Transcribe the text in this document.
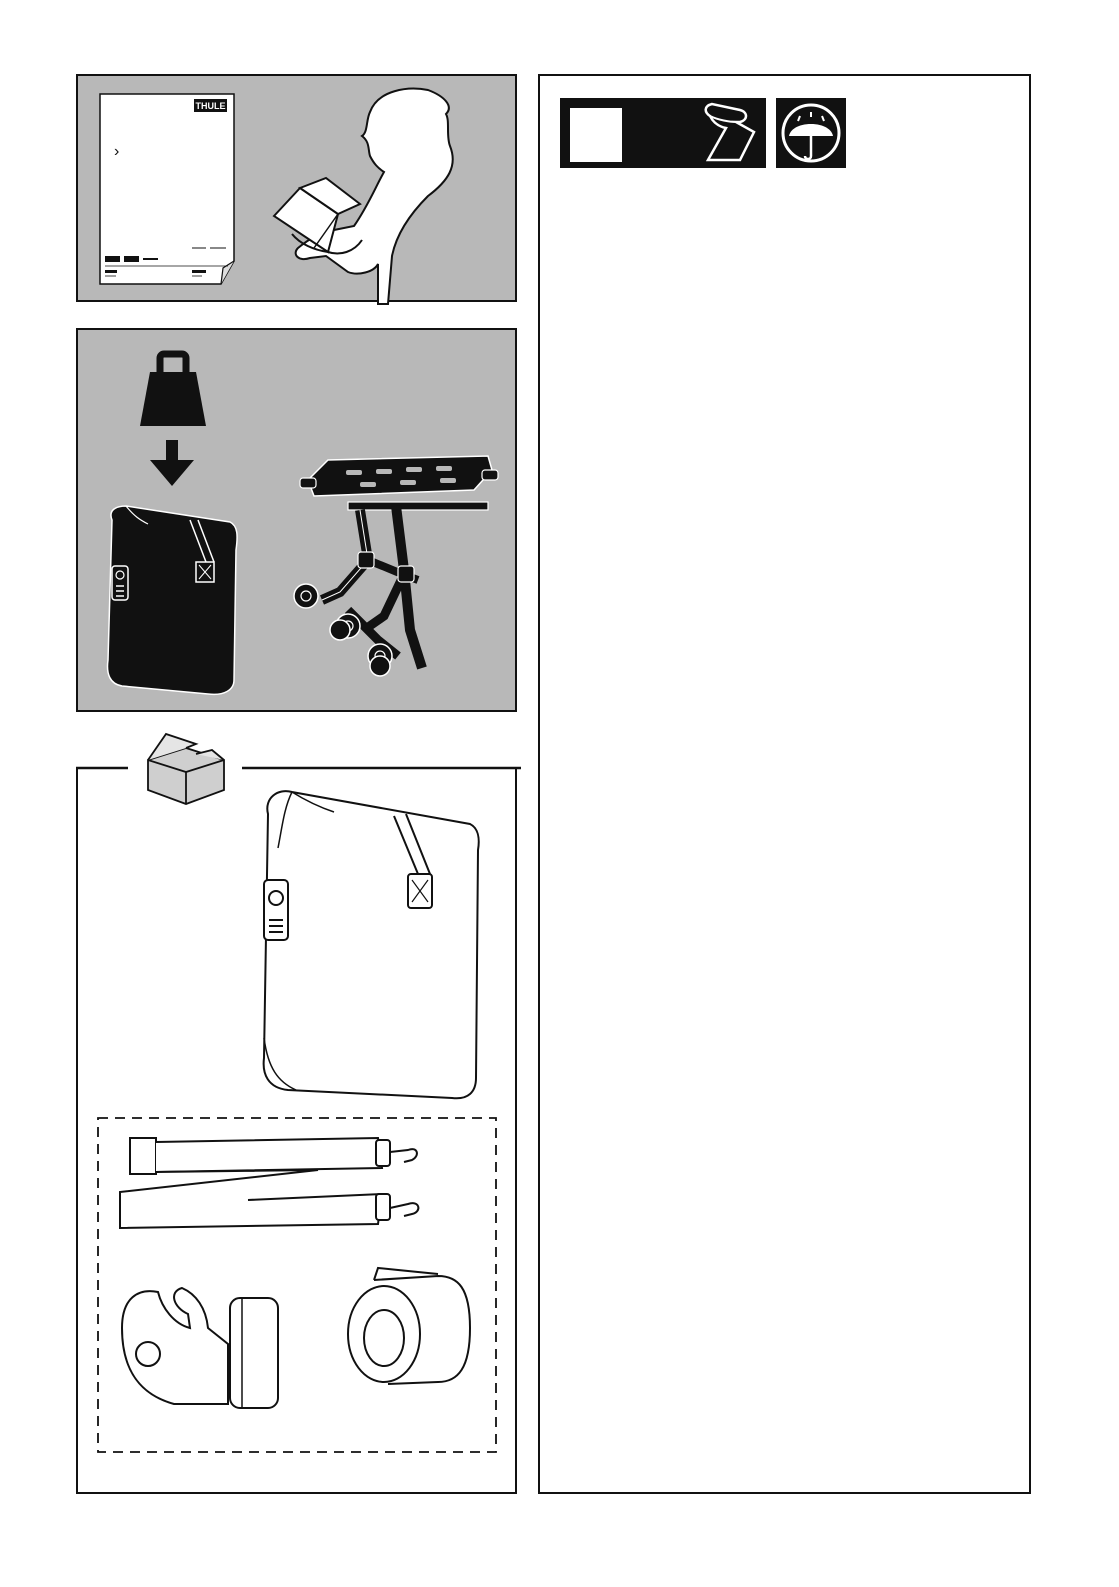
THULE
›
